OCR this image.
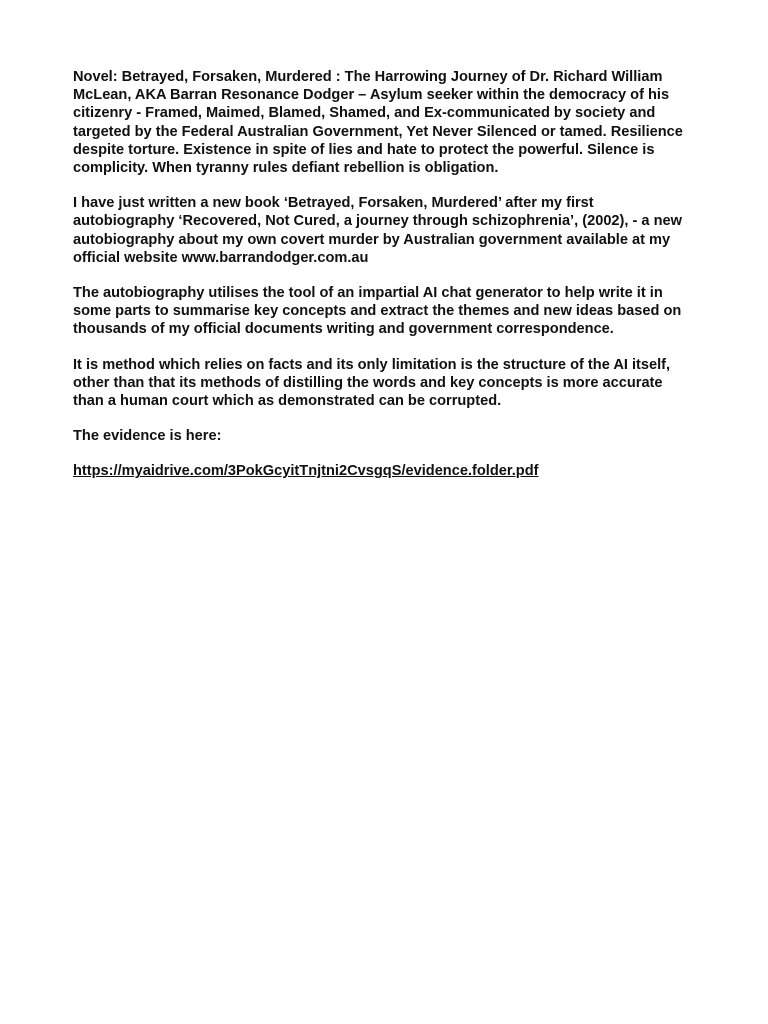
Novel: Betrayed, Forsaken, Murdered : The Harrowing Journey of Dr. Richard William McLean, AKA Barran Resonance Dodger – Asylum seeker within the democracy of his citizenry - Framed, Maimed, Blamed, Shamed, and Ex-communicated by society and targeted by the Federal Australian Government, Yet Never Silenced or tamed. Resilience despite torture. Existence in spite of lies and hate to protect the powerful. Silence is complicity. When tyranny rules defiant rebellion is obligation.

I have just written a new book ‘Betrayed, Forsaken, Murdered’ after my first autobiography ‘Recovered, Not Cured, a journey through schizophrenia’, (2002), - a new autobiography about my own covert murder by Australian government available at my official website www.barrandodger.com.au

The autobiography utilises the tool of an impartial AI chat generator to help write it in some parts to summarise key concepts and extract the themes and new ideas based on thousands of my official documents writing and government correspondence.

It is method which relies on facts and its only limitation is the structure of the AI itself, other than that its methods of distilling the words and key concepts is more accurate than a human court which as demonstrated can be corrupted.

The evidence is here:

https://myaidrive.com/3PokGcyitTnjtni2CvsgqS/evidence.folder.pdf
